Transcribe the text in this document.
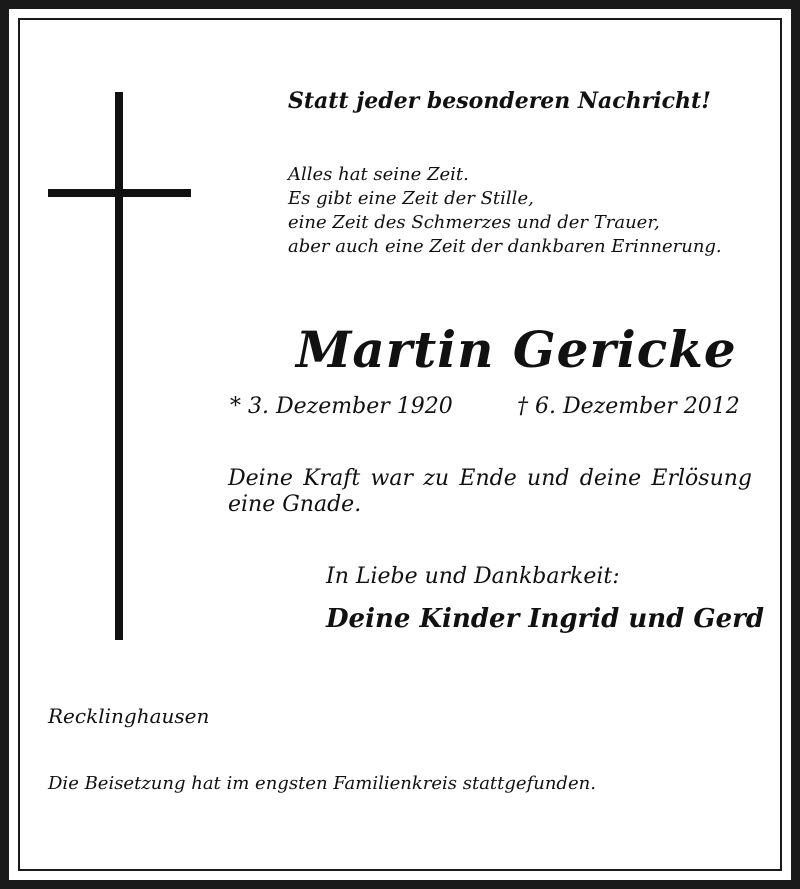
Statt jeder besonderen Nachricht!

Alles hat seine Zeit.
Es gibt eine Zeit der Stille,
eine Zeit des Schmerzes und der Trauer,
aber auch eine Zeit der dankbaren Erinnerung.

Martin Gericke

* 3. Dezember 1920	† 6. Dezember 2012

Deine Kraft war zu Ende und deine Erlösung eine Gnade.

In Liebe und Dankbarkeit:

Deine Kinder Ingrid und Gerd

Recklinghausen

Die Beisetzung hat im engsten Familienkreis stattgefunden.
